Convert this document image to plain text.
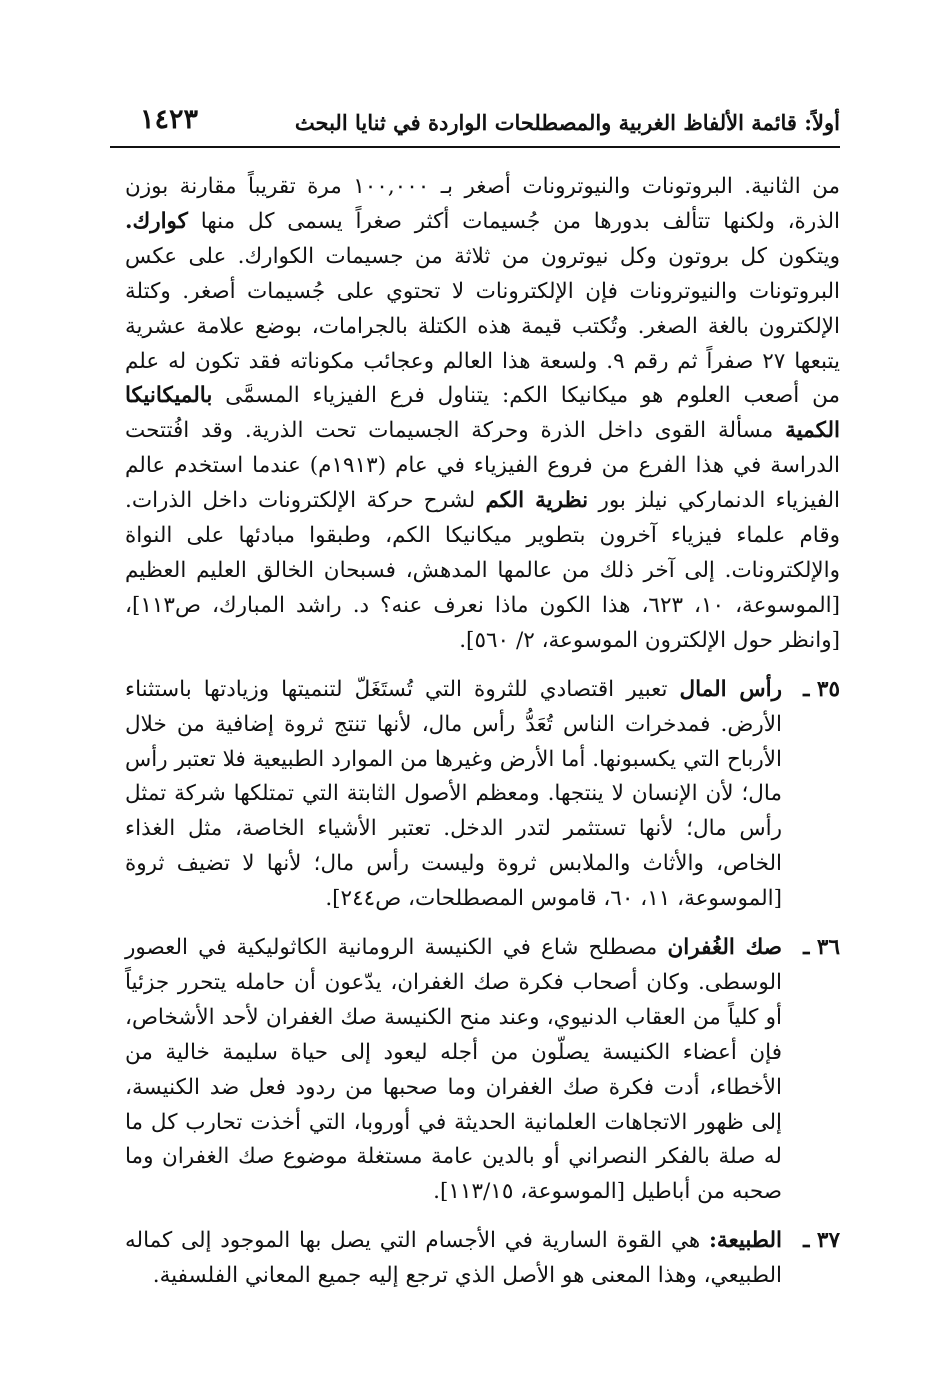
أولاً: قائمة الألفاظ الغربية والمصطلحات الواردة في ثنايا البحث
١٤٢٣

من الثانية. البروتونات والنيوترونات أصغر بـ ١٠٠,٠٠٠ مرة تقريباً مقارنة بوزن الذرة، ولكنها تتألف بدورها من جُسيمات أكثر صغراً يسمى كل منها كوارك. ويتكون كل بروتون وكل نيوترون من ثلاثة من جسيمات الكوارك. على عكس البروتونات والنيوترونات فإن الإلكترونات لا تحتوي على جُسيمات أصغر. وكتلة الإلكترون بالغة الصغر. وتُكتب قيمة هذه الكتلة بالجرامات، بوضع علامة عشرية يتبعها ٢٧ صفراً ثم رقم ٩. ولسعة هذا العالم وعجائب مكوناته فقد تكون له علم من أصعب العلوم هو ميكانيكا الكم: يتناول فرع الفيزياء المسمَّى بالميكانيكا الكمية مسألة القوى داخل الذرة وحركة الجسيمات تحت الذرية. وقد افُتتحت الدراسة في هذا الفرع من فروع الفيزياء في عام (١٩١٣م) عندما استخدم عالم الفيزياء الدنماركي نيلز بور نظرية الكم لشرح حركة الإلكترونات داخل الذرات. وقام علماء فيزياء آخرون بتطوير ميكانيكا الكم، وطبقوا مبادئها على النواة والإلكترونات. إلى آخر ذلك من عالمها المدهش، فسبحان الخالق العليم العظيم [الموسوعة، ١٠، ٦٢٣، هذا الكون ماذا نعرف عنه؟ د. راشد المبارك، ص١١٣]، [وانظر حول الإلكترون الموسوعة، ٢/ ٥٦٠].

٣٥ ـ

رأس المال تعبير اقتصادي للثروة التي تُستَغَلّ لتنميتها وزيادتها باستثناء الأرض. فمدخرات الناس تُعَدُّ رأس مال، لأنها تنتج ثروة إضافية من خلال الأرباح التي يكسبونها. أما الأرض وغيرها من الموارد الطبيعية فلا تعتبر رأس مال؛ لأن الإنسان لا ينتجها. ومعظم الأصول الثابتة التي تمتلكها شركة تمثل رأس مال؛ لأنها تستثمر لتدر الدخل. تعتبر الأشياء الخاصة، مثل الغذاء الخاص، والأثاث والملابس ثروة وليست رأس مال؛ لأنها لا تضيف ثروة [الموسوعة، ١١، ٦٠، قاموس المصطلحات، ص٢٤٤].

٣٦ ـ

صك الغُفران مصطلح شاع في الكنيسة الرومانية الكاثوليكية في العصور الوسطى. وكان أصحاب فكرة صك الغفران، يدّعون أن حامله يتحرر جزئياً أو كلياً من العقاب الدنيوي، وعند منح الكنيسة صك الغفران لأحد الأشخاص، فإن أعضاء الكنيسة يصلّون من أجله ليعود إلى حياة سليمة خالية من الأخطاء، أدت فكرة صك الغفران وما صحبها من ردود فعل ضد الكنيسة، إلى ظهور الاتجاهات العلمانية الحديثة في أوروبا، التي أخذت تحارب كل ما له صلة بالفكر النصراني أو بالدين عامة مستغلة موضوع صك الغفران وما صحبه من أباطيل [الموسوعة، ١١٣/١٥].

٣٧ ـ

الطبيعة: هي القوة السارية في الأجسام التي يصل بها الموجود إلى كماله الطبيعي، وهذا المعنى هو الأصل الذي ترجع إليه جميع المعاني الفلسفية.
